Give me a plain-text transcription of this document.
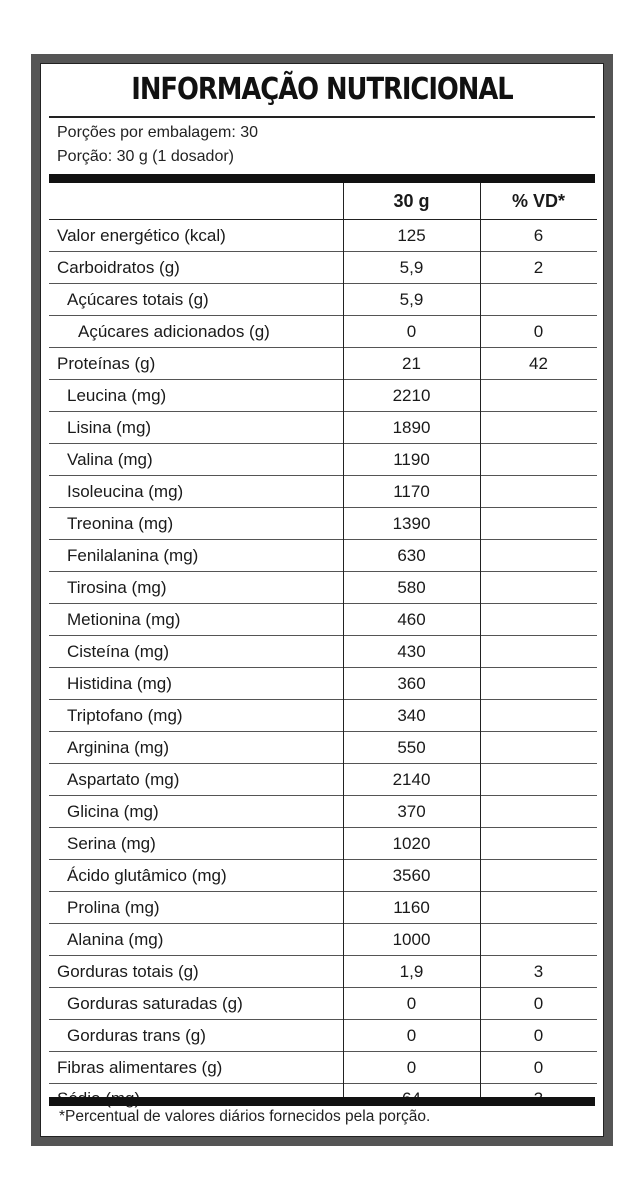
INFORMAÇÃO NUTRICIONAL
Porções por embalagem: 30
Porção: 30 g (1 dosador)
	30 g	% VD*
Valor energético (kcal)	125	6
Carboidratos (g)	5,9	2
Açúcares totais (g)	5,9	
Açúcares adicionados (g)	0	0
Proteínas (g)	21	42
Leucina (mg)	2210	
Lisina (mg)	1890	
Valina (mg)	1190	
Isoleucina (mg)	1170	
Treonina (mg)	1390	
Fenilalanina (mg)	630	
Tirosina (mg)	580	
Metionina (mg)	460	
Cisteína (mg)	430	
Histidina (mg)	360	
Triptofano (mg)	340	
Arginina (mg)	550	
Aspartato (mg)	2140	
Glicina (mg)	370	
Serina (mg)	1020	
Ácido glutâmico (mg)	3560	
Prolina (mg)	1160	
Alanina (mg)	1000	
Gorduras totais (g)	1,9	3
Gorduras saturadas (g)	0	0
Gorduras trans (g)	0	0
Fibras alimentares (g)	0	0

*Percentual de valores diários fornecidos pela porção.
